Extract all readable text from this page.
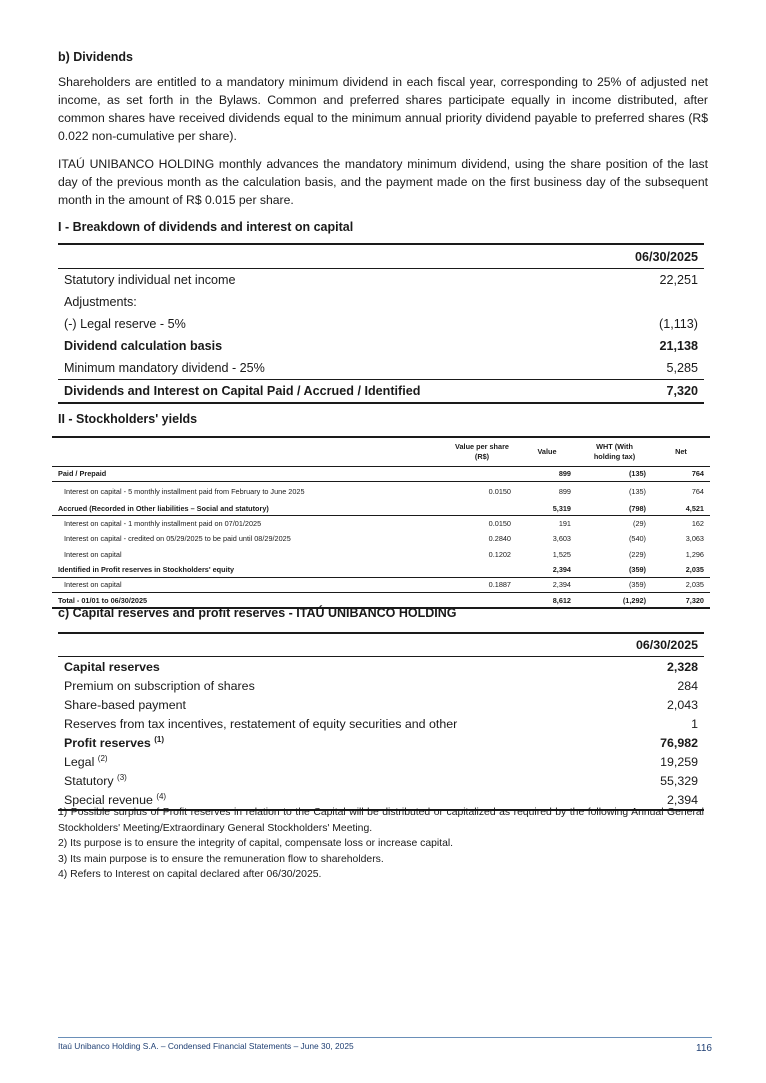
b) Dividends

Shareholders are entitled to a mandatory minimum dividend in each fiscal year, corresponding to 25% of adjusted net income, as set forth in the Bylaws. Common and preferred shares participate equally in income distributed, after common shares have received dividends equal to the minimum annual priority dividend payable to preferred shares (R$ 0.022 non-cumulative per share).

ITAÚ UNIBANCO HOLDING monthly advances the mandatory minimum dividend, using the share position of the last day of the previous month as the calculation basis, and the payment made on the first business day of the subsequent month in the amount of R$ 0.015 per share.

I - Breakdown of dividends and interest on capital
	06/30/2025
Statutory individual net income	22,251
Adjustments:	
(-) Legal reserve - 5%	(1,113)
Dividend calculation basis	21,138
Minimum mandatory dividend - 25%	5,285
Dividends and Interest on Capital Paid / Accrued / Identified	7,320
II - Stockholders' yields
	Value per share (R$)	Value	WHT (With holding tax)	Net
Paid / Prepaid		899	(135)	764
Interest on capital - 5 monthly installment paid from February to June 2025	0.0150	899	(135)	764
Accrued (Recorded in Other liabilities – Social and statutory)		5,319	(798)	4,521
Interest on capital - 1 monthly installment paid on 07/01/2025	0.0150	191	(29)	162
Interest on capital - credited on 05/29/2025 to be paid until 08/29/2025	0.2840	3,603	(540)	3,063
Interest on capital	0.1202	1,525	(229)	1,296
Identified in Profit reserves in Stockholders' equity		2,394	(359)	2,035
Interest on capital	0.1887	2,394	(359)	2,035
Total - 01/01 to 06/30/2025		8,612	(1,292)	7,320
c) Capital reserves and profit reserves - ITAÚ UNIBANCO HOLDING
	06/30/2025
Capital reserves	2,328
Premium on subscription of shares	284
Share-based payment	2,043
Reserves from tax incentives, restatement of equity securities and other	1
Profit reserves $^{(1)}$	76,982
Legal $^{(2)}$	19,259
Statutory $^{(3)}$	55,329
Special revenue $^{(4)}$	2,394
1) Possible surplus of Profit reserves in relation to the Capital will be distributed or capitalized as required by the following Annual General Stockholders' Meeting/Extraordinary General Stockholders' Meeting.
2) Its purpose is to ensure the integrity of capital, compensate loss or increase capital.
3) Its main purpose is to ensure the remuneration flow to shareholders.
4) Refers to Interest on capital declared after 06/30/2025.
Itaú Unibanco Holding S.A. – Condensed Financial Statements – June 30, 2025	116
